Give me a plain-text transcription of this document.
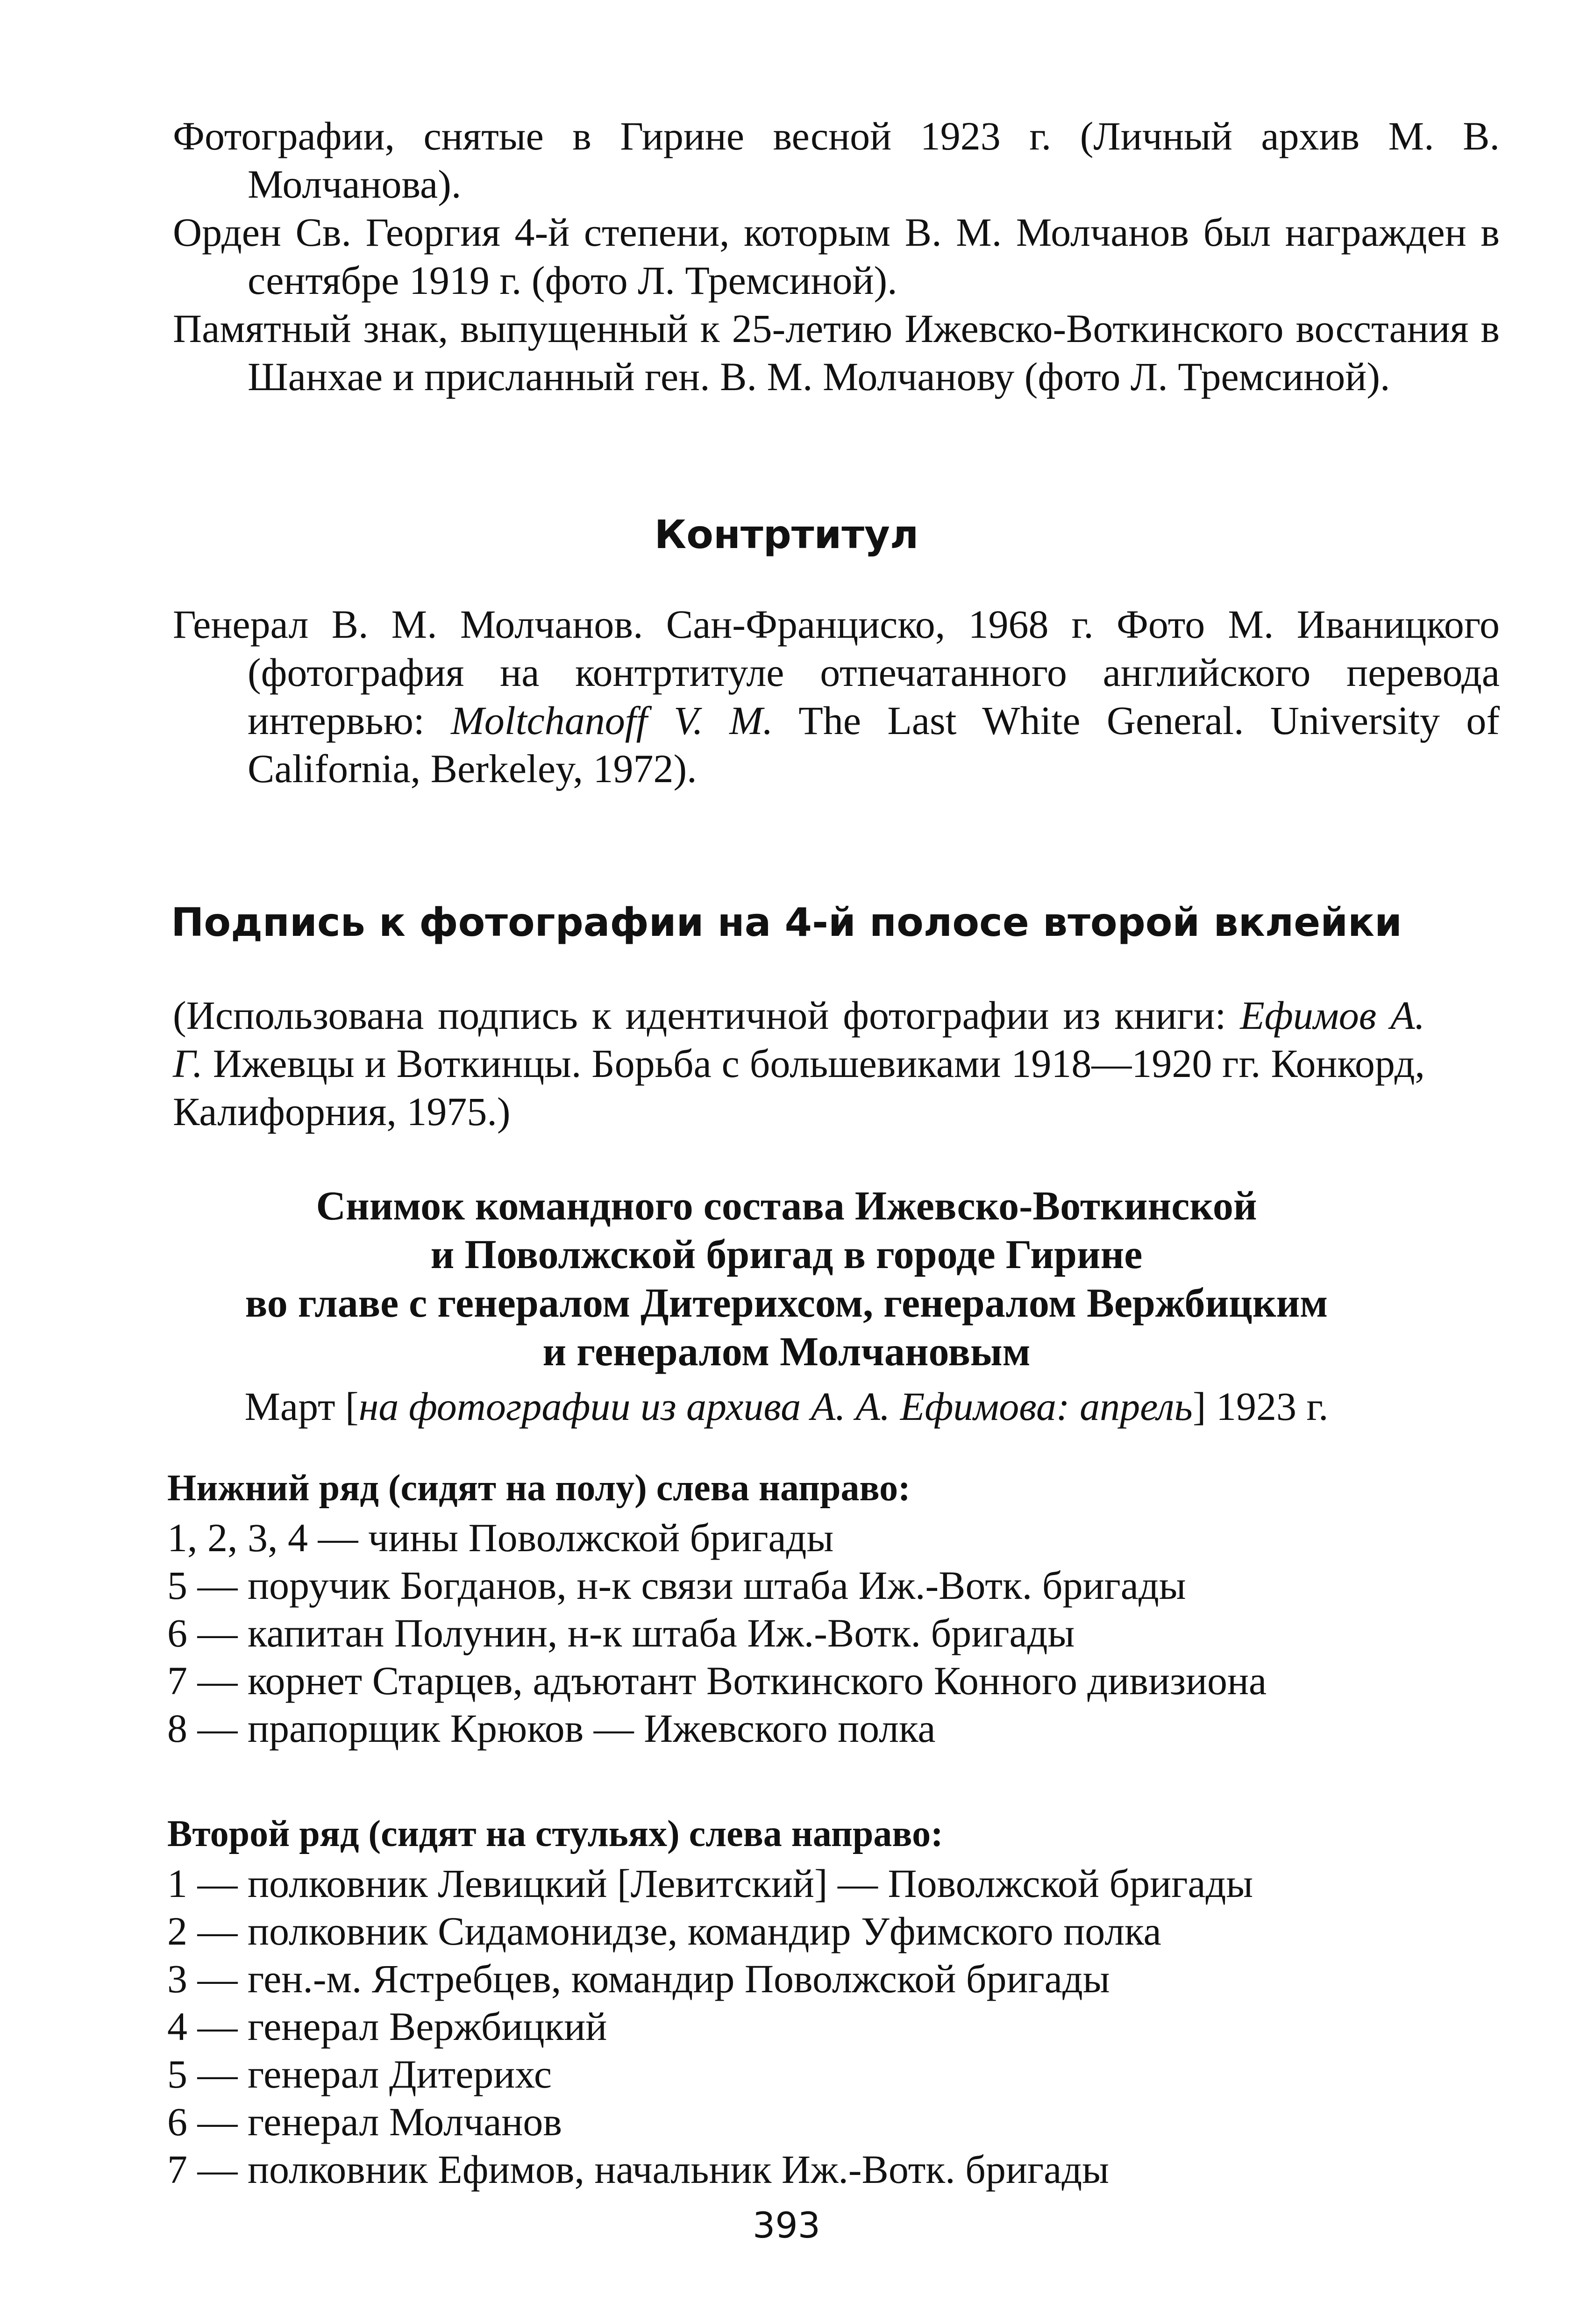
Фотографии, снятые в Гирине весной 1923 г. (Личный архив М. В. Молчанова).
Орден Св. Георгия 4-й степени, которым В. М. Молчанов был награжден в сентябре 1919 г. (фото Л. Тремсиной).
Памятный знак, выпущенный к 25-летию Ижевско-Воткинского восстания в Шанхае и присланный ген. В. М. Молчанову (фото Л. Тремсиной).
Контртитул
Генерал В. М. Молчанов. Сан-Франциско, 1968 г. Фото М. Иваницкого (фотография на контртитуле отпечатанного английского перевода интервью: Moltchanoff V. M. The Last White General. University of California, Berkeley, 1972).
Подпись к фотографии на 4-й полосе второй вклейки
(Использована подпись к идентичной фотографии из книги: Ефимов А. Г. Ижевцы и Воткинцы. Борьба с большевиками 1918—1920 гг. Конкорд, Калифорния, 1975.)
Снимок командного состава Ижевско-Воткинской
и Поволжской бригад в городе Гирине
во главе с генералом Дитерихсом, генералом Вержбицким
и генералом Молчановым
Март [на фотографии из архива А. А. Ефимова: апрель] 1923 г.
Нижний ряд (сидят на полу) слева направо:
1, 2, 3, 4 — чины Поволжской бригады
5 — поручик Богданов, н-к связи штаба Иж.-Вотк. бригады
6 — капитан Полунин, н-к штаба Иж.-Вотк. бригады
7 — корнет Старцев, адъютант Воткинского Конного дивизиона
8 — прапорщик Крюков — Ижевского полка
Второй ряд (сидят на стульях) слева направо:
1 — полковник Левицкий [Левитский] — Поволжской бригады
2 — полковник Сидамонидзе, командир Уфимского полка
3 — ген.-м. Ястребцев, командир Поволжской бригады
4 — генерал Вержбицкий
5 — генерал Дитерихс
6 — генерал Молчанов
7 — полковник Ефимов, начальник Иж.-Вотк. бригады
393
